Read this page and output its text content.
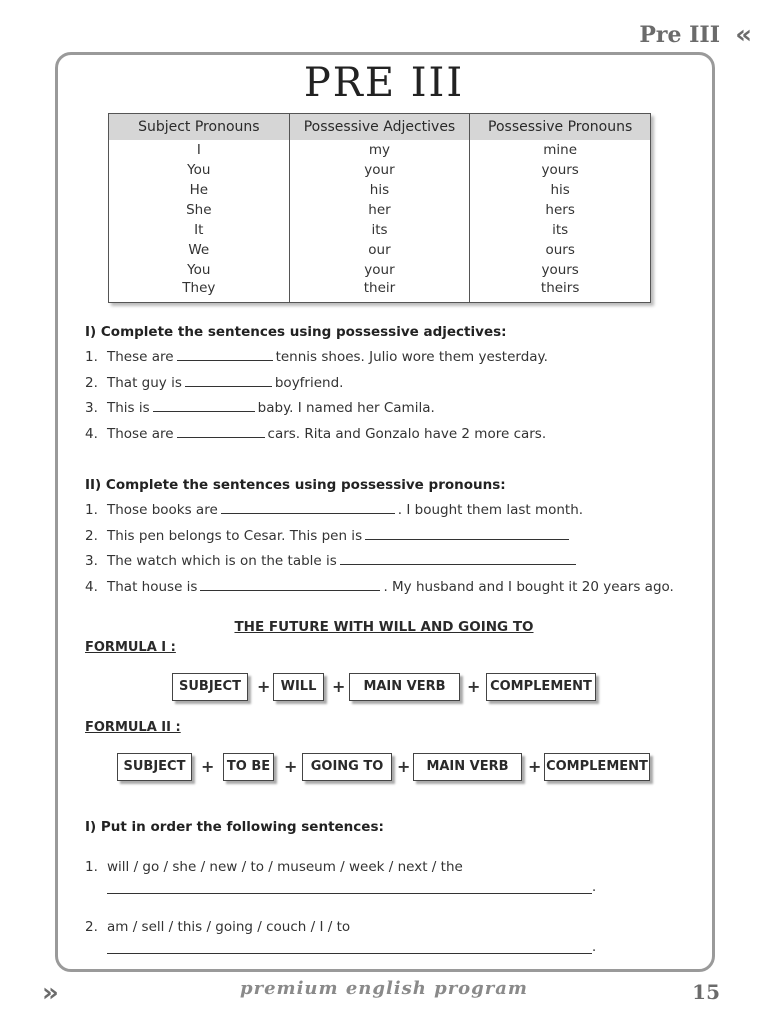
Pre III «
PRE III
Subject Pronouns	Possessive Adjectives	Possessive Pronouns
I	my	mine
You	your	yours
He	his	his
She	her	hers
It	its	its
We	our	ours
You	your	yours
They	their	theirs
I) Complete the sentences using possessive adjectives:
1. These are	tennis shoes. Julio wore them yesterday.
2. That guy is	boyfriend.
3. This is	baby. I named her Camila.
4. Those are	cars. Rita and Gonzalo have 2 more cars.
II) Complete the sentences using possessive pronouns:
1. Those books are	. I bought them last month.
2. This pen belongs to Cesar. This pen is
3. The watch which is on the table is
4. That house is	. My husband and I bought it 20 years ago.
THE FUTURE WITH WILL AND GOING TO
FORMULA I :
SUBJECT	+ WILL +	MAIN VERB	+ COMPLEMENT
FORMULA II :
SUBJECT + TO BE +	GOING TO +	MAIN VERB	+ COMPLEMENT
I) Put in order the following sentences:
1. will / go / she / new / to / museum / week / next / the
.
2. am / sell / this / going / couch / I / to
.
»	premium english program	15
